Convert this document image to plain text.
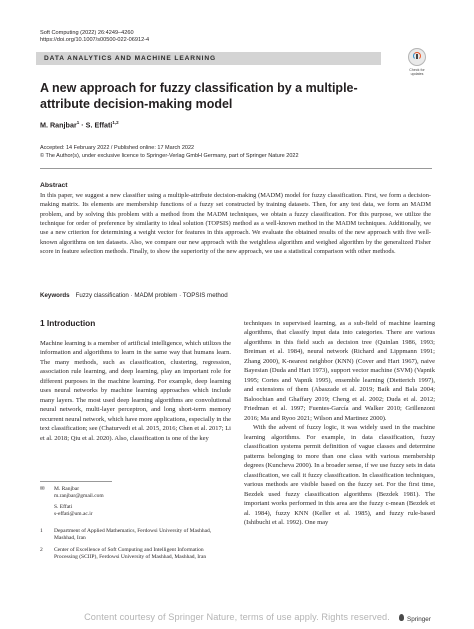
Soft Computing (2022) 26:4249–4260
https://doi.org/10.1007/s00500-022-06912-4
DATA ANALYTICS AND MACHINE LEARNING
Check for
updates
A new approach for fuzzy classification by a multiple-attribute decision-making model
M. Ranjbar$^1$ · S. Effati$^{1,2}$
Accepted: 14 February 2022 / Published online: 17 March 2022
© The Author(s), under exclusive licence to Springer-Verlag GmbH Germany, part of Springer Nature 2022
Abstract
In this paper, we suggest a new classifier using a multiple-attribute decision-making (MADM) model for fuzzy classification. First, we form a decision-making matrix. Its elements are membership functions of a fuzzy set constructed by training datasets. Then, for any test data, we form an MADM problem, and by solving this problem with a method from the MADM techniques, we obtain a fuzzy classification. For this purpose, we utilize the technique for order of preference by similarity to ideal solution (TOPSIS) method as a well-known method in the MADM techniques. Additionally, we use a new criterion for determining a weight vector for features in this approach. We evaluate the obtained results of the new approach with five well-known algorithms on ten datasets. Also, we compare our new approach with the weightless algorithm and weighed algorithm by the generalized Fisher score in feature selection methods. Finally, to show the superiority of the new approach, we use a statistical comparison with other methods.
Keywords Fuzzy classification · MADM problem · TOPSIS method
1 Introduction
Machine learning is a member of artificial intelligence, which utilizes the information and algorithms to learn in the same way that humans learn. The many methods, such as classification, clustering, regression, association rule learning, and deep learning, play an important role for different purposes in the machine learning. For example, deep learning uses neural networks by machine learning approaches which include many layers. The most used deep learning algorithms are convolutional neural network, multi-layer perceptron, and long short-term memory recurrent neural network, which have more applications, especially in the text classification; see (Chaturvedi et al. 2015, 2016; Chen et al. 2017; Li et al. 2018; Qiu et al. 2020). Also, classification is one of the key

techniques in supervised learning, as a sub-field of machine learning algorithms, that classify input data into categories. There are various algorithms in this field such as decision tree (Quinlan 1986, 1993; Breiman et al. 1984), neural network (Richard and Lippmann 1991; Zhang 2000), K-nearest neighbor (KNN) (Cover and Hart 1967), naive Bayesian (Duda and Hart 1973), support vector machine (SVM) (Vapnik 1995; Cortes and Vapnik 1995), ensemble learning (Dietterich 1997), and extensions of them (Abaszade et al. 2019; Baik and Bala 2004; Baloochian and Ghaffary 2019; Cheng et al. 2002; Duda et al. 2012; Friedman et al. 1997; Fuentes-García and Walker 2010; Grillenzoni 2016; Ma and Ryoo 2021; Wilson and Martinez 2000).

With the advent of fuzzy logic, it was widely used in the machine learning algorithms. For example, in data classification, fuzzy classification systems permit definition of vague classes and determine patterns belonging to more than one class with various membership degrees (Kuncheva 2000). In a broader sense, if we use fuzzy sets in data classification, we call it fuzzy classification. In classification techniques, various methods are visible based on the fuzzy set. For the first time, Bezdek used fuzzy classification algorithms (Bezdek 1981). The important works performed in this area are the fuzzy c-mean (Bezdek et al. 1984), fuzzy KNN (Keller et al. 1985), and fuzzy rule-based (Ishibuchi et al. 1992). One may

✉ M. Ranjbar
m.ranjbar@gmail.com
S. Effati
s-effati@um.ac.ir
1 Department of Applied Mathematics, Ferdowsi University of Mashhad, Mashhad, Iran
2 Center of Excellence of Soft Computing and Intelligent Information Processing (SCIIP), Ferdowsi University of Mashhad, Mashhad, Iran
Springer
Content courtesy of Springer Nature, terms of use apply. Rights reserved.
